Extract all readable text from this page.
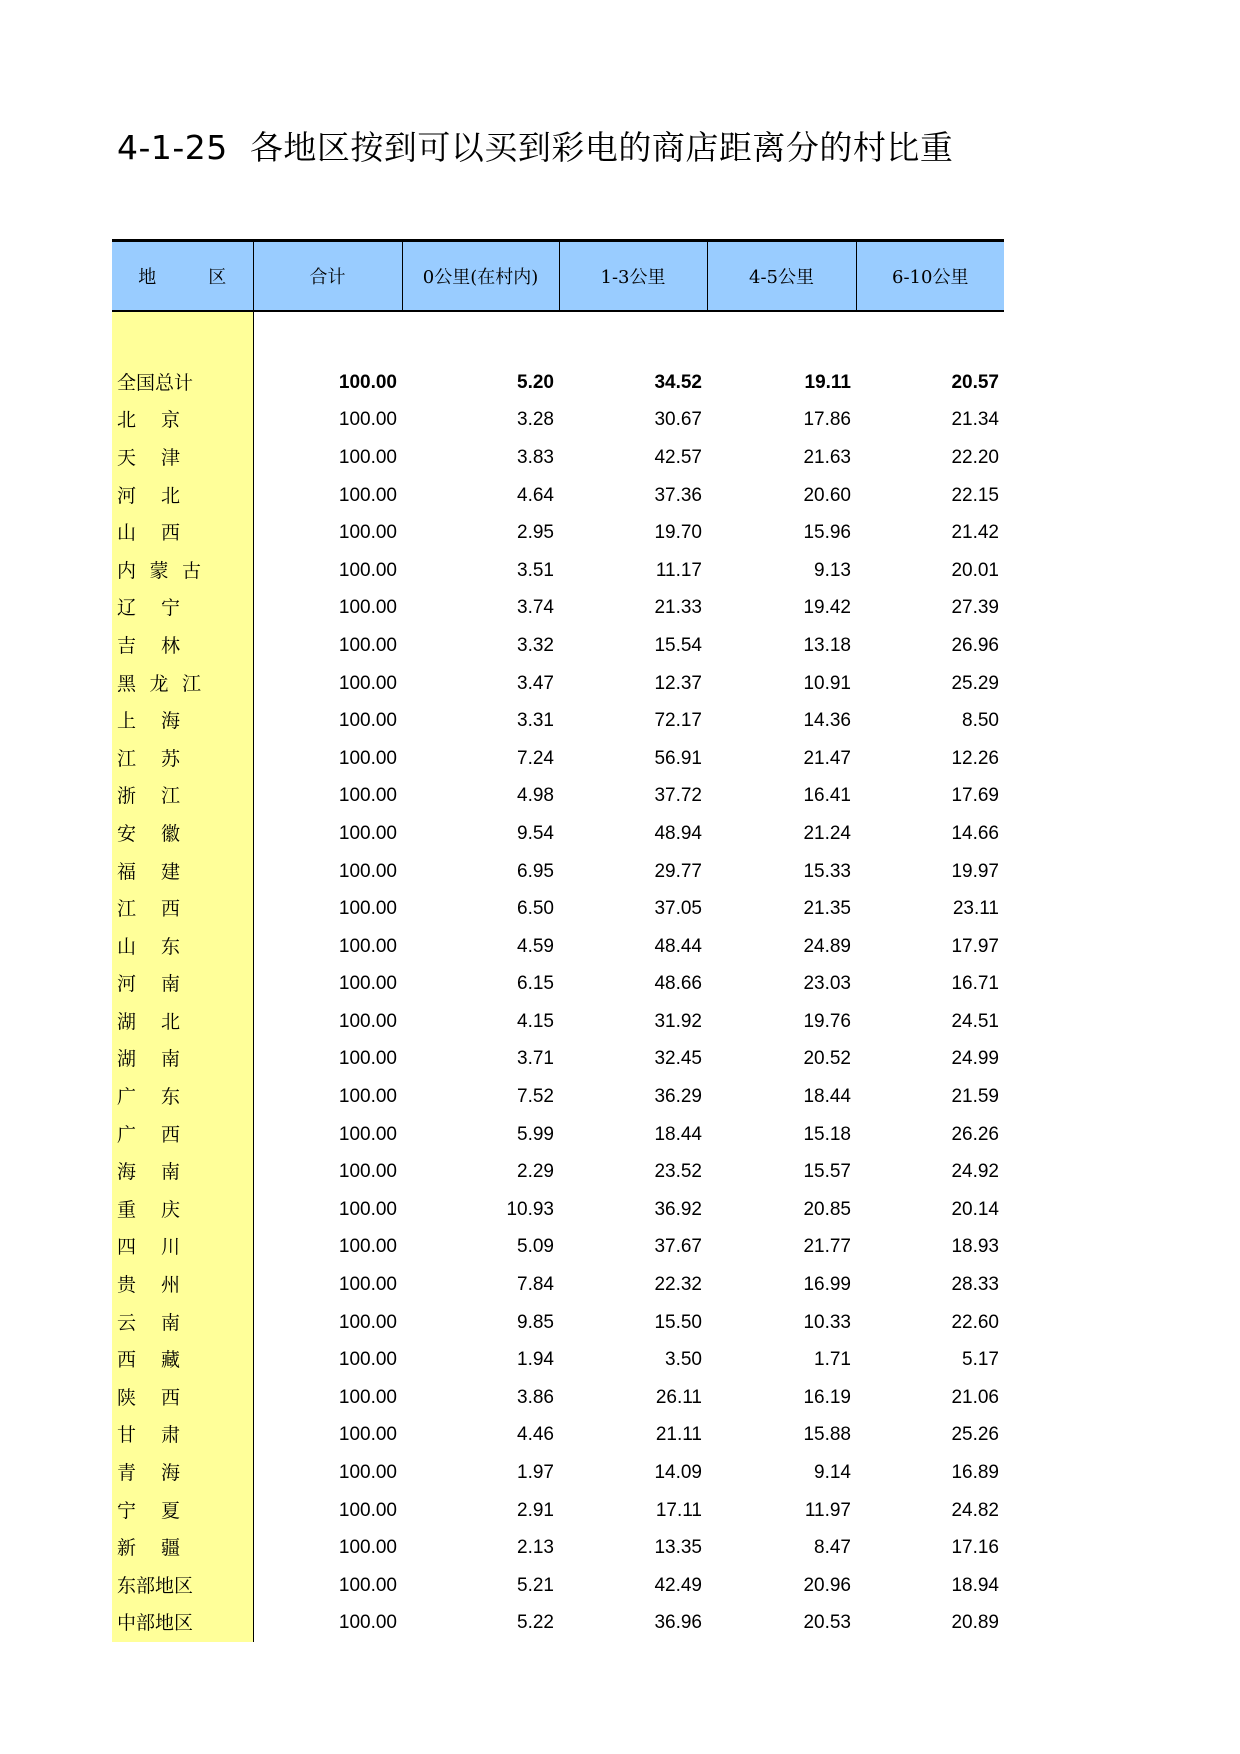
4-1-25 各地区按到可以买到彩电的商店距离分的村比重
地 区	合计	0公里(在村内)	1-3公里	4-5公里	6-10公里

全国总计	100.00	5.20	34.52	19.11	20.57
北京	100.00	3.28	30.67	17.86	21.34
天津	100.00	3.83	42.57	21.63	22.20
河北	100.00	4.64	37.36	20.60	22.15
山西	100.00	2.95	19.70	15.96	21.42
内蒙古	100.00	3.51	11.17	9.13	20.01
辽宁	100.00	3.74	21.33	19.42	27.39
吉林	100.00	3.32	15.54	13.18	26.96
黑龙江	100.00	3.47	12.37	10.91	25.29
上海	100.00	3.31	72.17	14.36	8.50
江苏	100.00	7.24	56.91	21.47	12.26
浙江	100.00	4.98	37.72	16.41	17.69
安徽	100.00	9.54	48.94	21.24	14.66
福建	100.00	6.95	29.77	15.33	19.97
江西	100.00	6.50	37.05	21.35	23.11
山东	100.00	4.59	48.44	24.89	17.97
河南	100.00	6.15	48.66	23.03	16.71
湖北	100.00	4.15	31.92	19.76	24.51
湖南	100.00	3.71	32.45	20.52	24.99
广东	100.00	7.52	36.29	18.44	21.59
广西	100.00	5.99	18.44	15.18	26.26
海南	100.00	2.29	23.52	15.57	24.92
重庆	100.00	10.93	36.92	20.85	20.14
四川	100.00	5.09	37.67	21.77	18.93
贵州	100.00	7.84	22.32	16.99	28.33
云南	100.00	9.85	15.50	10.33	22.60
西藏	100.00	1.94	3.50	1.71	5.17
陕西	100.00	3.86	26.11	16.19	21.06
甘肃	100.00	4.46	21.11	15.88	25.26
青海	100.00	1.97	14.09	9.14	16.89
宁夏	100.00	2.91	17.11	11.97	24.82
新疆	100.00	2.13	13.35	8.47	17.16
东部地区	100.00	5.21	42.49	20.96	18.94
中部地区	100.00	5.22	36.96	20.53	20.89
